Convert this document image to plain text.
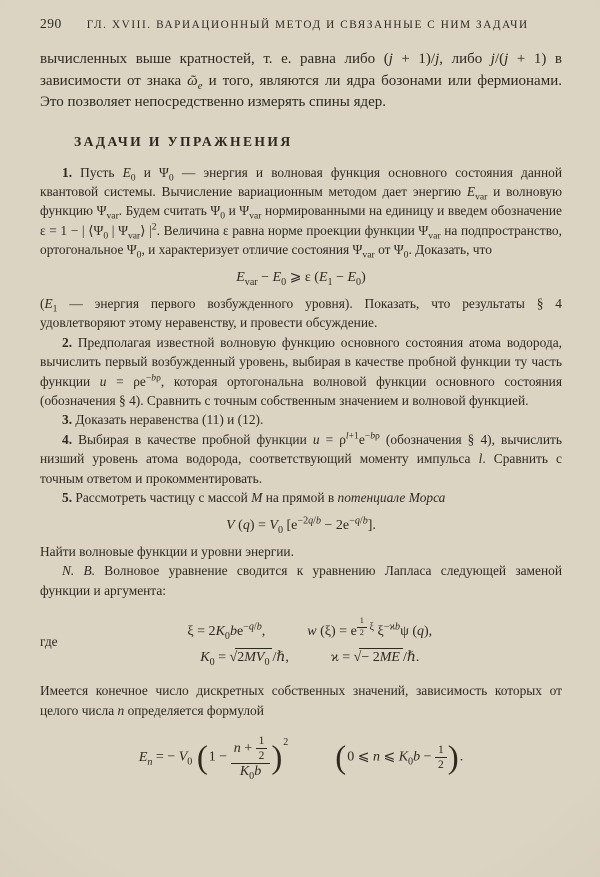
290 ГЛ. XVIII. ВАРИАЦИОННЫЙ МЕТОД И СВЯЗАННЫЕ С НИМ ЗАДАЧИ

вычисленных выше кратностей, т. е. равна либо (j + 1)/j, либо j/(j + 1) в зависимости от знака ῶ$_e$ и того, являются ли ядра бозонами или фермионами. Это позволяет непосредственно измерять спины ядер.

ЗАДАЧИ И УПРАЖНЕНИЯ

1. Пусть $E_0$ и $\Psi_0$ — энергия и волновая функция основного состояния данной квантовой системы. Вычисление вариационным методом дает энергию $E_{var}$ и волновую функцию $\Psi_{var}$. Будем считать $\Psi_0$ и $\Psi_{var}$ нормированными на единицу и введем обозначение ε = 1 − | $⟨\Psi_0$ | $\Psi_{var}⟩$ $|^2$. Величина ε равна норме проекции функции $\Psi_{var}$ на подпространство, ортогональное $\Psi_0$, и характеризует отличие состояния $\Psi_{var}$ от $\Psi_0$. Доказать, что

$E_{var} - E_0$ ⩾ ε $(E_1 - E_0)$

($E_1$ — энергия первого возбужденного уровня). Показать, что результаты § 4 удовлетворяют этому неравенству, и провести обсуждение.

2. Предполагая известной волновую функцию основного состояния атома водорода, вычислить первый возбужденный уровень, выбирая в качестве пробной функции ту часть функции $u = \rho e^{-b\rho}$, которая ортогональна волновой функции основного состояния (обозначения § 4). Сравнить с точным собственным значением и волновой функцией.

3. Доказать неравенства (11) и (12).

4. Выбирая в качестве пробной функции $u = \rho^{l+1}e^{-b\rho}$ (обозначения § 4), вычислить низший уровень атома водорода, соответствующий моменту импульса l. Сравнить с точным ответом и прокомментировать.

5. Рассмотреть частицу с массой M на прямой в потенциале Морса

V $(q) = V_0$ $[e^{-2q/b} - 2e^{-q/b}]$.

Найти волновые функции и уровни энергии.

N. B. Волновое уравнение сводится к уравнению Лапласа следующей заменой функции и аргумента:

где
$\xi = 2K_0be^{-q/b}$,	w (ξ) = e $^{\frac{1}{2} \xi}$ $\xi^{-ϰb}\psi$ (q),
$K_0 = √2MV_0$ /ℏ,	ϰ = √− 2ME /ℏ.

Имеется конечное число дискретных собственных значений, зависимость которых от целого числа n определяется формулой

$E_n$ = − $V_0$ $(1 - \frac{n + \frac{1}{2}}{K_0b} )^2$ (0 ⩽ n ⩽ $K_0b - \frac{1}{2}$ ).
